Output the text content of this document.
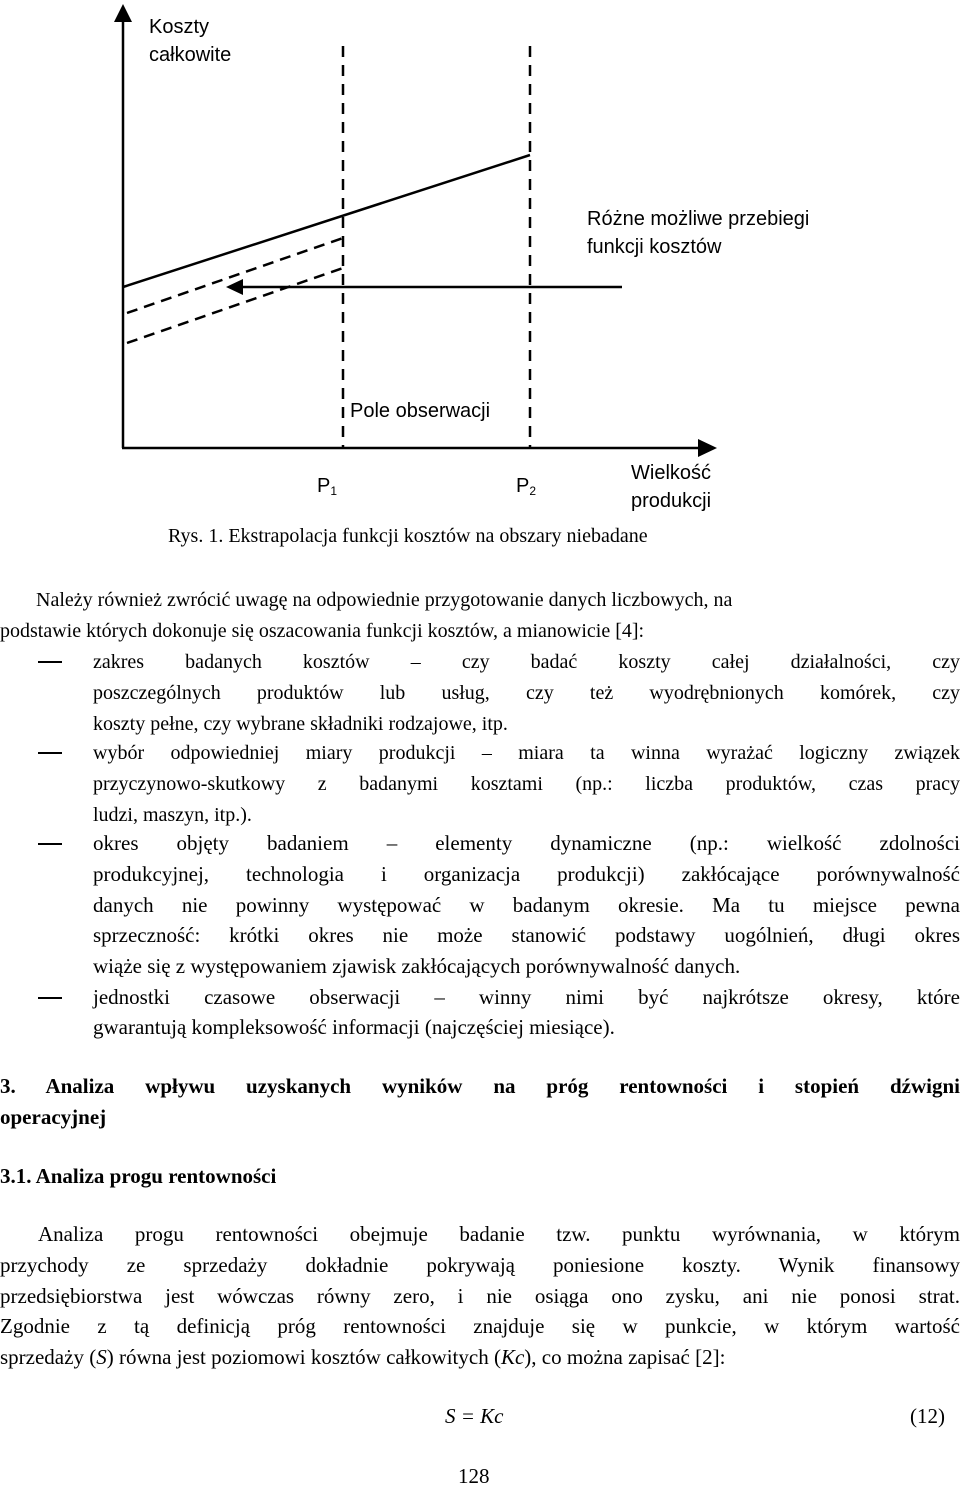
Koszty
całkowite
Różne możliwe przebiegi
funkcji kosztów
Pole obserwacji
$P_1$	$P_2$
Wielkość
produkcji
Rys. 1. Ekstrapolacja funkcji kosztów na obszary niebadane
Należy również zwrócić uwagę na odpowiednie przygotowanie danych liczbowych, na
podstawie których dokonuje się oszacowania funkcji kosztów, a mianowicie [4]:
zakres badanych kosztów – czy badać koszty całej działalności, czy
poszczególnych produktów lub usług, czy też wyodrębnionych komórek, czy
koszty pełne, czy wybrane składniki rodzajowe, itp.
wybór odpowiedniej miary produkcji – miara ta winna wyrażać logiczny związek
przyczynowo-skutkowy z badanymi kosztami (np.: liczba produktów, czas pracy
ludzi, maszyn, itp.).
okres objęty badaniem – elementy dynamiczne (np.: wielkość zdolności
produkcyjnej, technologia i organizacja produkcji) zakłócające porównywalność
danych nie powinny występować w badanym okresie. Ma tu miejsce pewna
sprzeczność: krótki okres nie może stanowić podstawy uogólnień, długi okres
wiąże się z występowaniem zjawisk zakłócających porównywalność danych.
jednostki czasowe obserwacji – winny nimi być najkrótsze okresy, które
gwarantują kompleksowość informacji (najczęściej miesiące).
3. Analiza wpływu uzyskanych wyników na próg rentowności i stopień dźwigni
operacyjnej
3.1. Analiza progu rentowności
Analiza progu rentowności obejmuje badanie tzw. punktu wyrównania, w którym
przychody ze sprzedaży dokładnie pokrywają poniesione koszty. Wynik finansowy
przedsiębiorstwa jest wówczas równy zero, i nie osiąga ono zysku, ani nie ponosi strat.
Zgodnie z tą definicją próg rentowności znajduje się w punkcie, w którym wartość
sprzedaży (S) równa jest poziomowi kosztów całkowitych (Kc), co można zapisać [2]:
S = Kc	(12)
128
